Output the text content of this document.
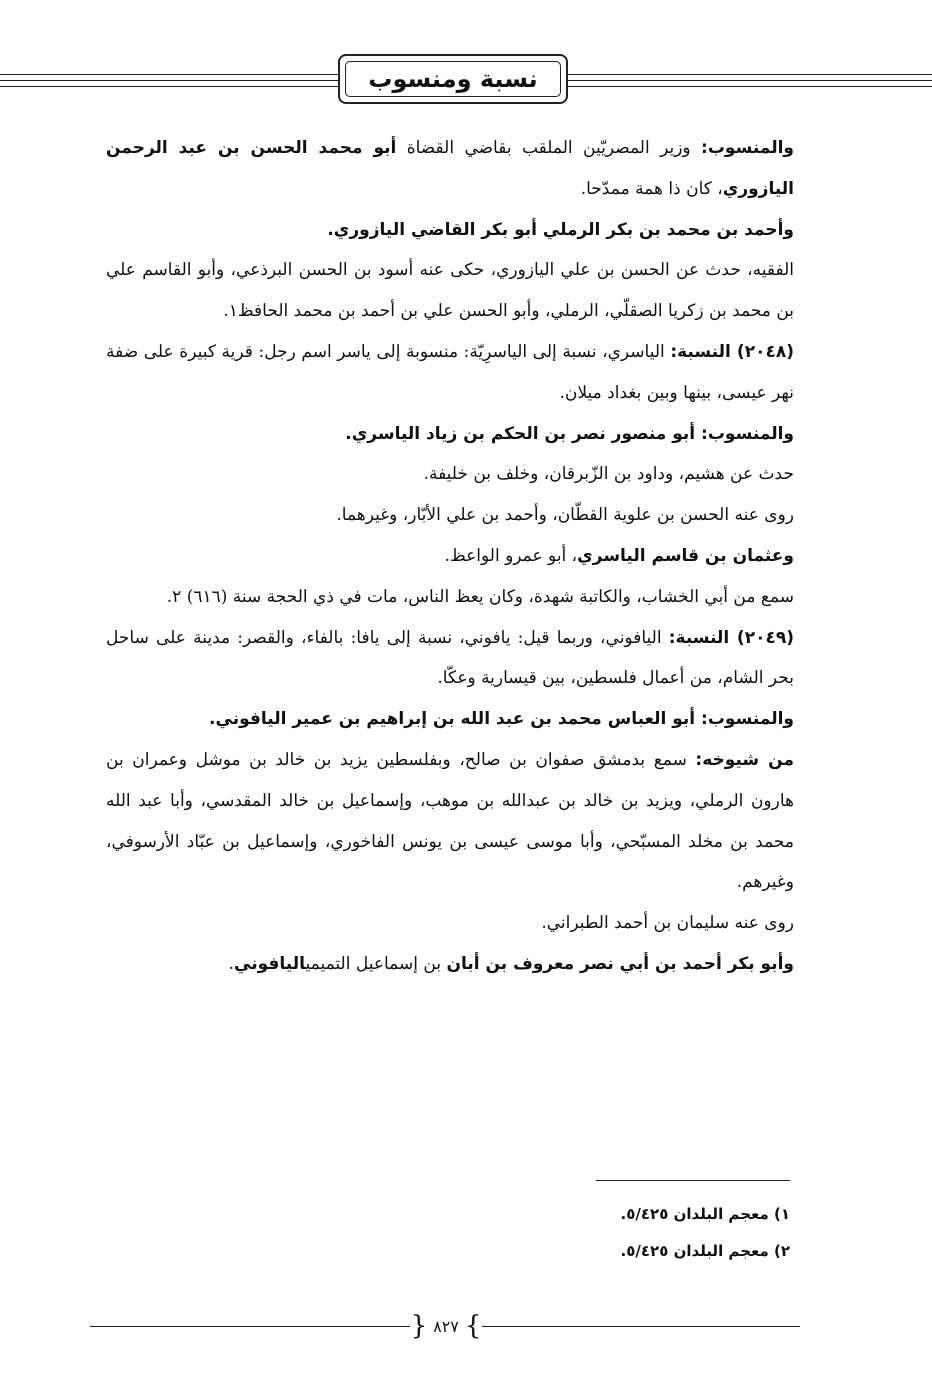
نسبة ومنسوب

والمنسوب: وزير المصريّين الملقب بقاضي القضاة أبو محمد الحسن بن عبد الرحمن اليازوري، كان ذا همة ممدّحا.

وأحمد بن محمد بن بكر الرملي أبو بكر القاضي اليازوري.

الفقيه، حدث عن الحسن بن علي اليازوري، حكى عنه أسود بن الحسن البرذعي، وأبو القاسم علي بن محمد بن زكريا الصقلّي، الرملي، وأبو الحسن علي بن أحمد بن محمد الحافظ١.

(٢٠٤٨) النسبة: الياسري، نسبة إلى الياسرِيّة: منسوبة إلى ياسر اسم رجل: قرية كبيرة على ضفة نهر عيسى، بينها وبين بغداد ميلان.

والمنسوب: أبو منصور نصر بن الحكم بن زياد الياسري.

حدث عن هشيم، وداود بن الزّبرقان، وخلف بن خليفة.

روى عنه الحسن بن علوية القطّان، وأحمد بن علي الأبّار، وغيرهما.

وعثمان بن قاسم الياسري، أبو عمرو الواعظ.

سمع من أبي الخشاب، والكاتبة شهدة، وكان يعظ الناس، مات في ذي الحجة سنة (٦١٦) ٢.

(٢٠٤٩) النسبة: اليافوني، وربما قيل: يافوني، نسبة إلى يافا: بالفاء، والقصر: مدينة على ساحل بحر الشام، من أعمال فلسطين، بين قيسارية وعكّا.

والمنسوب: أبو العباس محمد بن عبد الله بن إبراهيم بن عمير اليافوني.

من شيوخه: سمع بدمشق صفوان بن صالح، وبفلسطين يزيد بن خالد بن موشل وعمران بن هارون الرملي، ويزيد بن خالد بن عبدالله بن موهب، وإسماعيل بن خالد المقدسي، وأبا عبد الله محمد بن مخلد المسبّحي، وأبا موسى عيسى بن يونس الفاخوري، وإسماعيل بن عبّاد الأرسوفي، وغيرهم.

روى عنه سليمان بن أحمد الطبراني.

وأبو بكر أحمد بن أبي نصر معروف بن أبان بن إسماعيل التميمياليافوني.

١) معجم البلدان ٥/٤٢٥.

٢) معجم البلدان ٥/٤٢٥.

}
٨٢٧
{
